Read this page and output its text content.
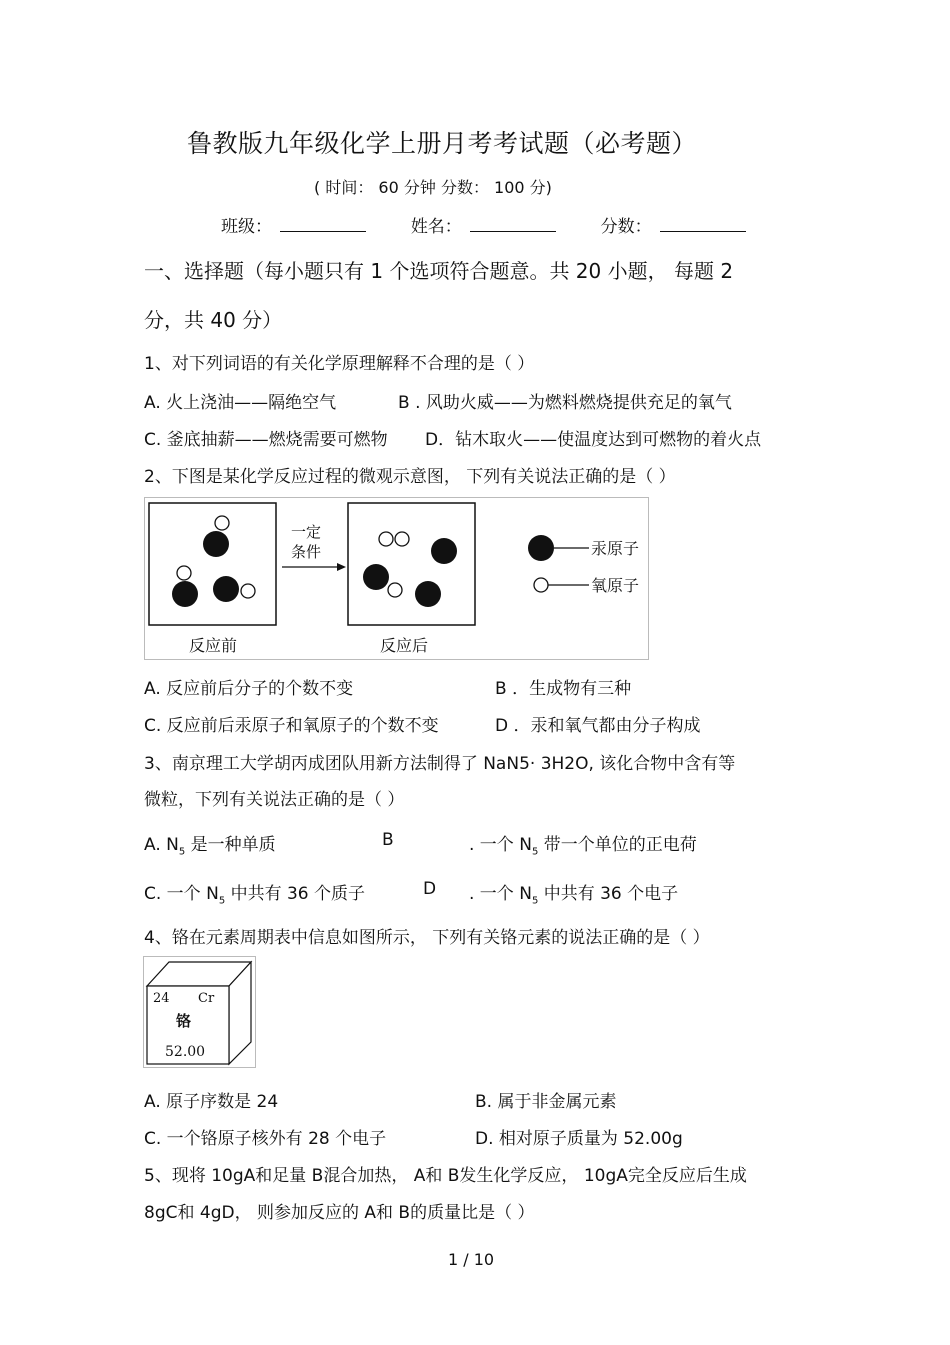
鲁教版九年级化学上册月考考试题（必考题）
( 时间： 60 分钟 分数： 100 分)
班级：	姓名：	分数：
一、选择题（每小题只有 1 个选项符合题意。共 20 小题， 每题 2
分，共 40 分）
1、对下列词语的有关化学原理解释不合理的是（ ）
A. 火上浇油——隔绝空气	B . 风助火威——为燃料燃烧提供充足的氧气
C. 釜底抽薪——燃烧需要可燃物 D．钻木取火——使温度达到可燃物的着火点
2、下图是某化学反应过程的微观示意图， 下列有关说法正确的是（ ）
一定
条件
反应前	反应后
汞原子
氧原子
A. 反应前后分子的个数不变	B ．生成物有三种
C. 反应前后汞原子和氧原子的个数不变	D ．汞和氧气都由分子构成
3、南京理工大学胡丙成团队用新方法制得了 NaN5· 3H2O, 该化合物中含有等
微粒，下列有关说法正确的是（ ）
A. $N_5$ 是一种单质	B	. 一个 $N_5$ 带一个单位的正电荷
C. 一个 $N_5$ 中共有 36 个质子	D . 一个 $N_5$ 中共有 36 个电子
4、铬在元素周期表中信息如图所示， 下列有关铬元素的说法正确的是（ ）
24 Cr
铬
52.00
A. 原子序数是 24	B. 属于非金属元素
C. 一个铬原子核外有 28 个电子	D. 相对原子质量为 52.00g
5、现将 10gA和足量 B混合加热， A和 B发生化学反应， 10gA完全反应后生成
8gC和 4gD， 则参加反应的 A和 B的质量比是（ ）
1 / 10
